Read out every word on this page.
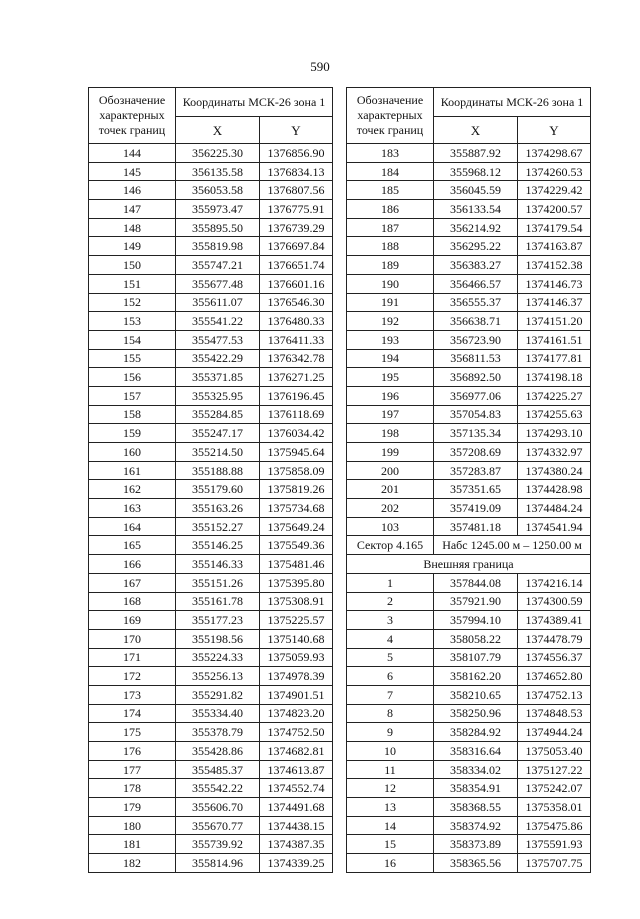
590
Обозначение характерных точек границ	Координаты МСК-26 зона 1	
	X	Y
144	356225.30	1376856.90
145	356135.58	1376834.13
146	356053.58	1376807.56
147	355973.47	1376775.91
148	355895.50	1376739.29
149	355819.98	1376697.84
150	355747.21	1376651.74
151	355677.48	1376601.16
152	355611.07	1376546.30
153	355541.22	1376480.33
154	355477.53	1376411.33
155	355422.29	1376342.78
156	355371.85	1376271.25
157	355325.95	1376196.45
158	355284.85	1376118.69
159	355247.17	1376034.42
160	355214.50	1375945.64
161	355188.88	1375858.09
162	355179.60	1375819.26
163	355163.26	1375734.68
164	355152.27	1375649.24
165	355146.25	1375549.36
166	355146.33	1375481.46
167	355151.26	1375395.80
168	355161.78	1375308.91
169	355177.23	1375225.57
170	355198.56	1375140.68
171	355224.33	1375059.93
172	355256.13	1374978.39
173	355291.82	1374901.51
174	355334.40	1374823.20
175	355378.79	1374752.50
176	355428.86	1374682.81
177	355485.37	1374613.87
178	355542.22	1374552.74
179	355606.70	1374491.68
180	355670.77	1374438.15
181	355739.92	1374387.35
182	355814.96	1374339.25
Обозначение характерных точек границ	Координаты МСК-26 зона 1	
	X	Y
183	355887.92	1374298.67
184	355968.12	1374260.53
185	356045.59	1374229.42
186	356133.54	1374200.57
187	356214.92	1374179.54
188	356295.22	1374163.87
189	356383.27	1374152.38
190	356466.57	1374146.73
191	356555.37	1374146.37
192	356638.71	1374151.20
193	356723.90	1374161.51
194	356811.53	1374177.81
195	356892.50	1374198.18
196	356977.06	1374225.27
197	357054.83	1374255.63
198	357135.34	1374293.10
199	357208.69	1374332.97
200	357283.87	1374380.24
201	357351.65	1374428.98
202	357419.09	1374484.24
103	357481.18	1374541.94
Сектор 4.165	Набс 1245.00 м – 1250.00 м	
Внешняя граница		
1	357844.08	1374216.14
2	357921.90	1374300.59
3	357994.10	1374389.41
4	358058.22	1374478.79
5	358107.79	1374556.37
6	358162.20	1374652.80
7	358210.65	1374752.13
8	358250.96	1374848.53
9	358284.92	1374944.24
10	358316.64	1375053.40
11	358334.02	1375127.22
12	358354.91	1375242.07
13	358368.55	1375358.01
14	358374.92	1375475.86
15	358373.89	1375591.93
16	358365.56	1375707.75
